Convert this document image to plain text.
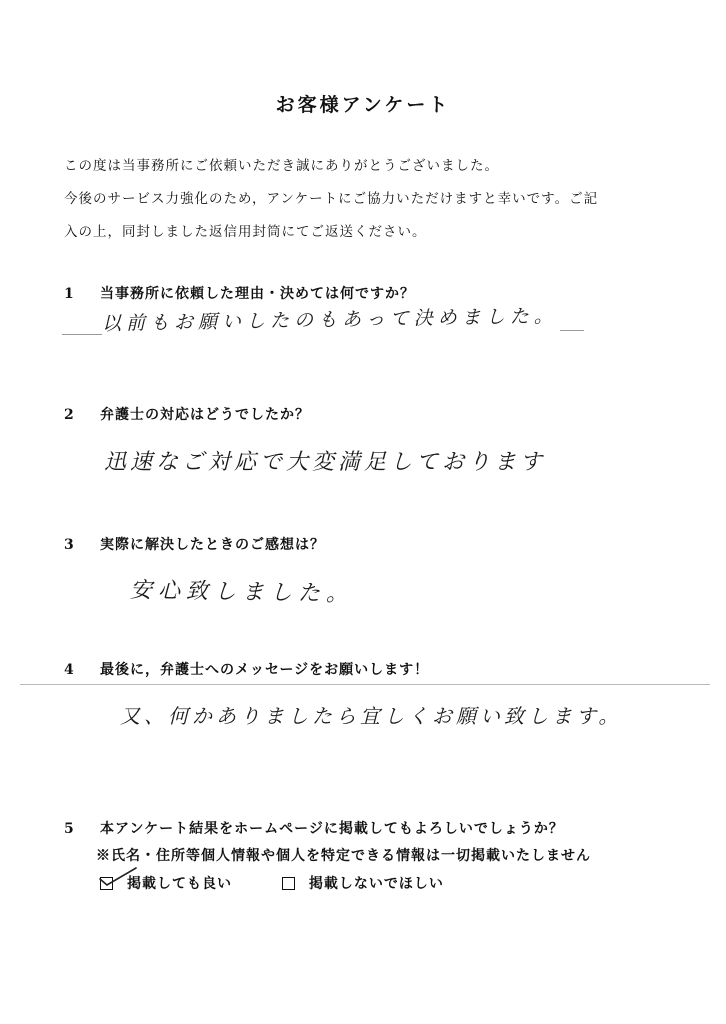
お客様アンケート
この度は当事務所にご依頼いただき誠にありがとうございました。
今後のサービス力強化のため，アンケートにご協力いただけますと幸いです。ご記
入の上，同封しました返信用封筒にてご返送ください。
1 当事務所に依頼した理由・決めては何ですか？
以前もお願いしたのもあって決めました。
2 弁護士の対応はどうでしたか？
迅速なご対応で大変満足しております
3 実際に解決したときのご感想は？
安心致しました。
4 最後に，弁護士へのメッセージをお願いします！
又、何かありましたら宜しくお願い致します。
5 本アンケート結果をホームページに掲載してもよろしいでしょうか？
※氏名・住所等個人情報や個人を特定できる情報は一切掲載いたしません
掲載しても良い
	掲載しないでほしい
